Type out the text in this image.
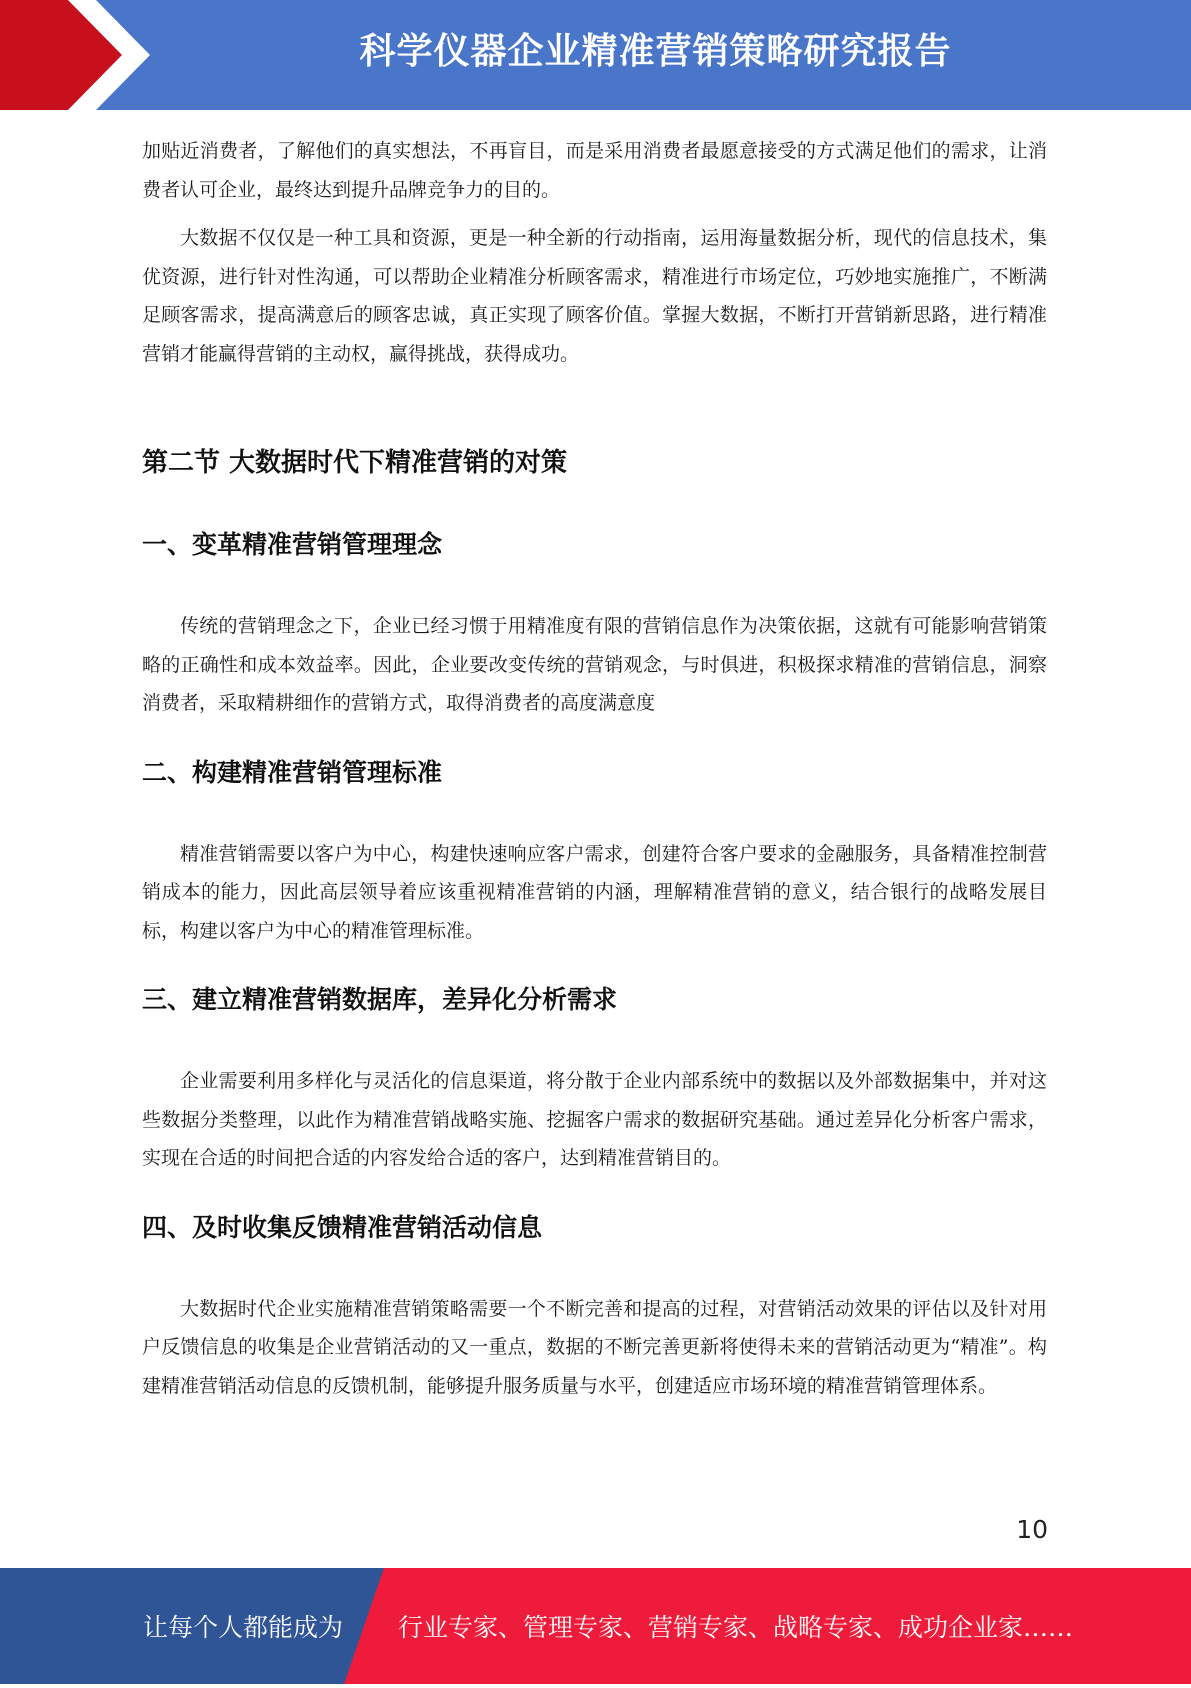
科学仪器企业精准营销策略研究报告

加贴近消费者，了解他们的真实想法，不再盲目，而是采用消费者最愿意接受的方式满足他们的需求，让消费者认可企业，最终达到提升品牌竞争力的目的。

大数据不仅仅是一种工具和资源，更是一种全新的行动指南，运用海量数据分析，现代的信息技术，集优资源，进行针对性沟通，可以帮助企业精准分析顾客需求，精准进行市场定位，巧妙地实施推广，不断满足顾客需求，提高满意后的顾客忠诚，真正实现了顾客价值。掌握大数据，不断打开营销新思路，进行精准营销才能赢得营销的主动权，赢得挑战，获得成功。

第二节 大数据时代下精准营销的对策
一、变革精准营销管理理念

传统的营销理念之下，企业已经习惯于用精准度有限的营销信息作为决策依据，这就有可能影响营销策略的正确性和成本效益率。因此，企业要改变传统的营销观念，与时俱进，积极探求精准的营销信息，洞察消费者，采取精耕细作的营销方式，取得消费者的高度满意度

二、构建精准营销管理标准

精准营销需要以客户为中心，构建快速响应客户需求，创建符合客户要求的金融服务，具备精准控制营销成本的能力，因此高层领导着应该重视精准营销的内涵，理解精准营销的意义，结合银行的战略发展目标，构建以客户为中心的精准管理标准。

三、建立精准营销数据库，差异化分析需求

企业需要利用多样化与灵活化的信息渠道，将分散于企业内部系统中的数据以及外部数据集中，并对这些数据分类整理，以此作为精准营销战略实施、挖掘客户需求的数据研究基础。通过差异化分析客户需求，实现在合适的时间把合适的内容发给合适的客户，达到精准营销目的。

四、及时收集反馈精准营销活动信息

大数据时代企业实施精准营销策略需要一个不断完善和提高的过程，对营销活动效果的评估以及针对用户反馈信息的收集是企业营销活动的又一重点，数据的不断完善更新将使得未来的营销活动更为“精准”。构建精准营销活动信息的反馈机制，能够提升服务质量与水平，创建适应市场环境的精准营销管理体系。

10
让每个人都能成为 行业专家、管理专家、营销专家、战略专家、成功企业家……
